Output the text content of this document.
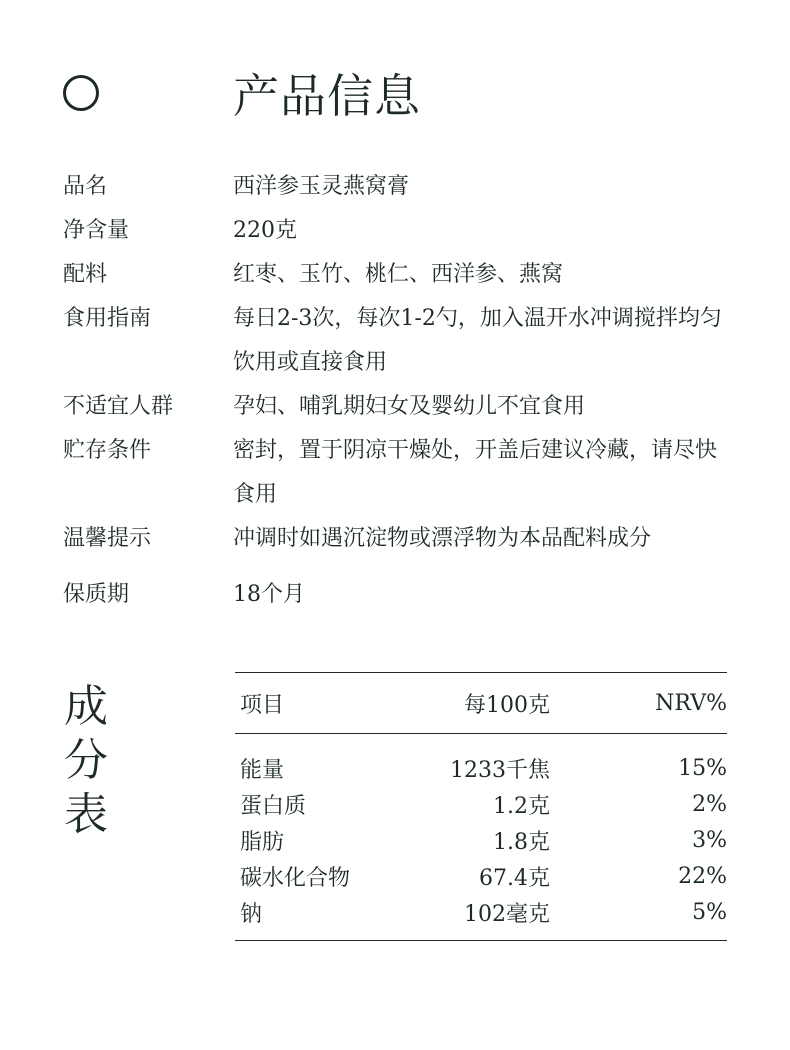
产品信息
品名	西洋参玉灵燕窝膏
净含量	220克
配料	红枣、玉竹、桃仁、西洋参、燕窝
食用指南	每日2-3次，每次1-2勺，加入温开水冲调搅拌均匀饮用或直接食用
不适宜人群	孕妇、哺乳期妇女及婴幼儿不宜食用
贮存条件	密封，置于阴凉干燥处，开盖后建议冷藏，请尽快食用
温馨提示	冲调时如遇沉淀物或漂浮物为本品配料成分
保质期	18个月
成
分
表
项目	每100克	NRV%
能量	1233千焦	15%
蛋白质	1.2克	2%
脂肪	1.8克	3%
碳水化合物	67.4克	22%
钠	102毫克	5%
